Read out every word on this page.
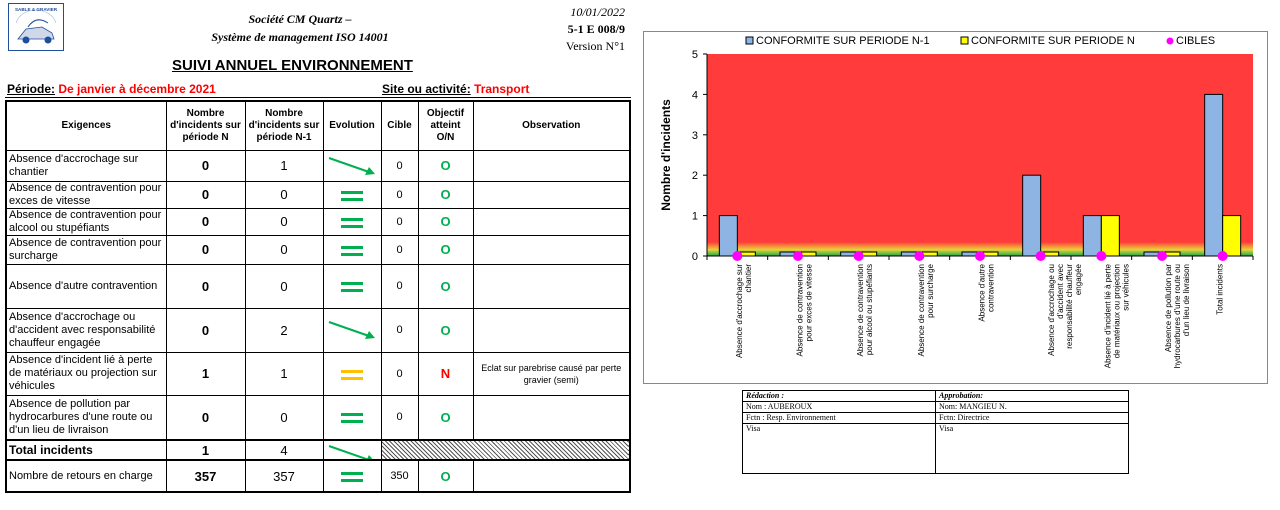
SABLE & GRAVIER
Société CM Quartz –
Système de management ISO 14001
10/01/2022
5-1 E 008/9
Version N°1
SUIVI ANNUEL ENVIRONNEMENT
Période: De janvier à décembre 2021	Site ou activité: Transport
Exigences	Nombre d'incidents sur période N	Nombre d'incidents sur période N-1	Evolution	Cible	Objectif atteint O/N	Observation
Absence d'accrochage sur chantier	0	1		0	O	
Absence de contravention pour exces de vitesse	0	0		0	O	
Absence de contravention pour alcool ou stupéfiants	0	0		0	O	
Absence de contravention pour surcharge	0	0		0	O	
Absence d'autre contravention	0	0		0	O	
Absence d'accrochage ou d'accident avec responsabilité chauffeur engagée	0	2		0	O	
Absence d'incident lié à perte de matériaux ou projection sur véhicules	1	1		0	N	Eclat sur parebrise causé par perte gravier (semi)
Absence de pollution par hydrocarbures d'une route ou d'un lieu de livraison	0	0		0	O	
Total incidents	1	4	

Nombre de retours en charge	357	357		350	O	
0
1
2
3
4
5
Nombre d'incidents
Absence d'accrochage surchantier	Absence de contraventionpour exces de vitesse	Absence de contraventionpour alcool ou stupéfiants	Absence de contraventionpour surcharge	Absence d'autrecontravention	Absence d'accrochage oud'accident avecresponsabilité chauffeurengagée	Absence d'incident lié à pertede matériaux ou projectionsur véhicules	Absence de pollution parhydrocarbures d'une route oud'un lieu de livraison	Total incidents
CONFORMITE SUR PERIODE N-1	CONFORMITE SUR PERIODE N	CIBLES
Rédaction :	Approbation:
Nom : AUBEROUX	Nom: MANGIEU N.
Fctn : Resp. Environnement	Fctn: Directrice
Visa	Visa
